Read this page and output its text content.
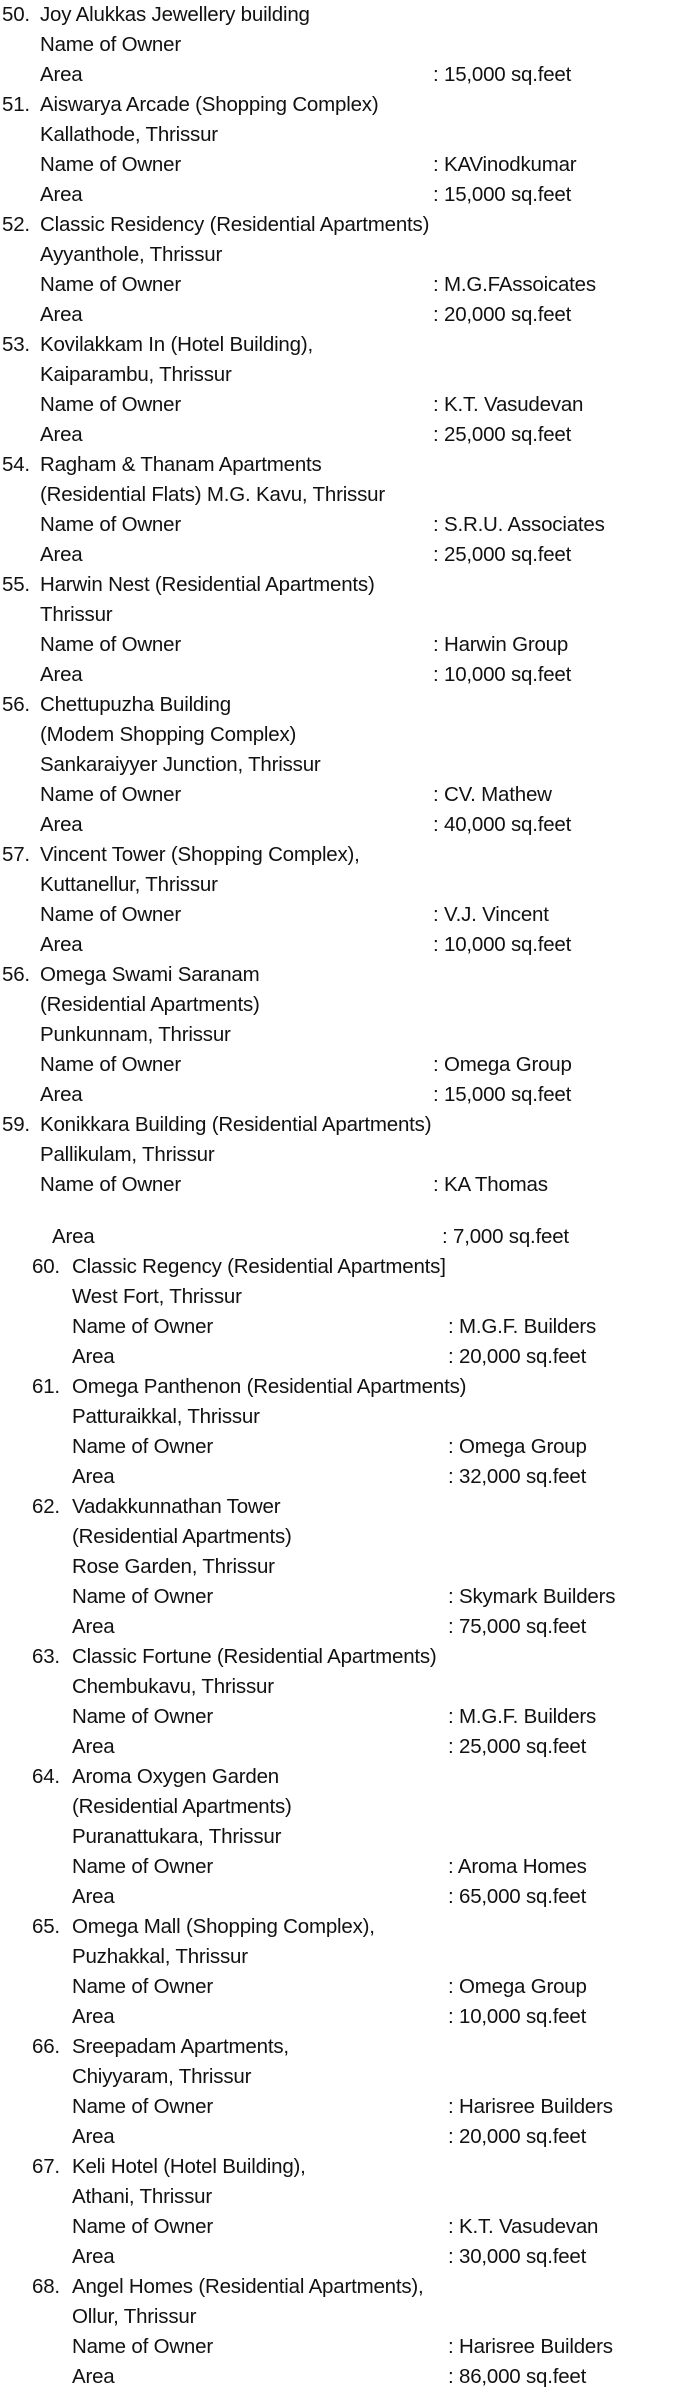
50. Joy Alukkas Jewellery building
Name of Owner
Area	: 15,000 sq.feet
51. Aiswarya Arcade (Shopping Complex)
Kallathode, Thrissur
Name of Owner	: KAVinodkumar
Area	: 15,000 sq.feet
52. Classic Residency (Residential Apartments)
Ayyanthole, Thrissur
Name of Owner	: M.G.FAssoicates
Area	: 20,000 sq.feet
53. Kovilakkam In (Hotel Building),
Kaiparambu, Thrissur
Name of Owner	: K.T. Vasudevan
Area	: 25,000 sq.feet
54. Ragham & Thanam Apartments
(Residential Flats) M.G. Kavu, Thrissur
Name of Owner	: S.R.U. Associates
Area	: 25,000 sq.feet
55. Harwin Nest (Residential Apartments)
Thrissur
Name of Owner	: Harwin Group
Area	: 10,000 sq.feet
56. Chettupuzha Building
(Modem Shopping Complex)
Sankaraiyyer Junction, Thrissur
Name of Owner	: CV. Mathew
Area	: 40,000 sq.feet
57. Vincent Tower (Shopping Complex),
Kuttanellur, Thrissur
Name of Owner	: V.J. Vincent
Area	: 10,000 sq.feet
56. Omega Swami Saranam
(Residential Apartments)
Punkunnam, Thrissur
Name of Owner	: Omega Group
Area	: 15,000 sq.feet
59. Konikkara Building (Residential Apartments)
Pallikulam, Thrissur
Name of Owner	: KA Thomas
Area	: 7,000 sq.feet
60. Classic Regency (Residential Apartments]
West Fort, Thrissur
Name of Owner	: M.G.F. Builders
Area	: 20,000 sq.feet
61. Omega Panthenon (Residential Apartments)
Patturaikkal, Thrissur
Name of Owner	: Omega Group
Area	: 32,000 sq.feet
62. Vadakkunnathan Tower
(Residential Apartments)
Rose Garden, Thrissur
Name of Owner	: Skymark Builders
Area	: 75,000 sq.feet
63. Classic Fortune (Residential Apartments)
Chembukavu, Thrissur
Name of Owner	: M.G.F. Builders
Area	: 25,000 sq.feet
64. Aroma Oxygen Garden
(Residential Apartments)
Puranattukara, Thrissur
Name of Owner	: Aroma Homes
Area	: 65,000 sq.feet
65. Omega Mall (Shopping Complex),
Puzhakkal, Thrissur
Name of Owner	: Omega Group
Area	: 10,000 sq.feet
66. Sreepadam Apartments,
Chiyyaram, Thrissur
Name of Owner	: Harisree Builders
Area	: 20,000 sq.feet
67. Keli Hotel (Hotel Building),
Athani, Thrissur
Name of Owner	: K.T. Vasudevan
Area	: 30,000 sq.feet
68. Angel Homes (Residential Apartments),
Ollur, Thrissur
Name of Owner	: Harisree Builders
Area	: 86,000 sq.feet
